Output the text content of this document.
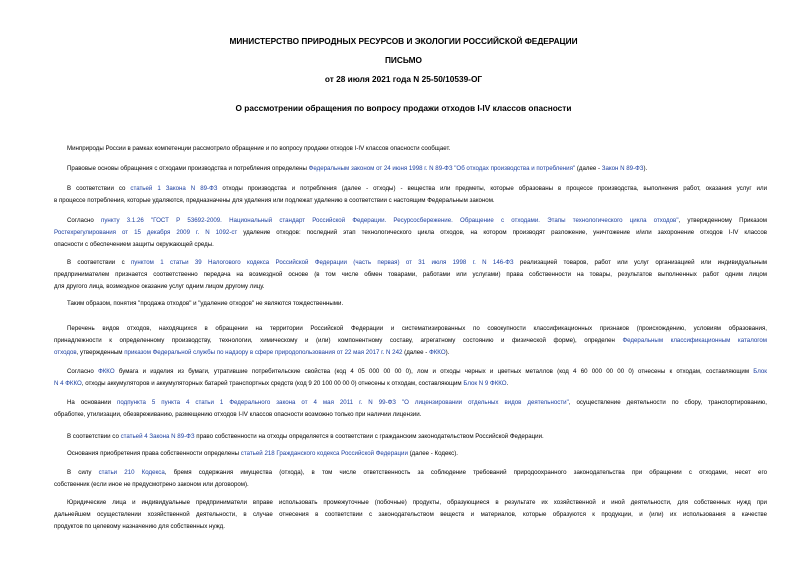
МИНИСТЕРСТВО ПРИРОДНЫХ РЕСУРСОВ И ЭКОЛОГИИ РОССИЙСКОЙ ФЕДЕРАЦИИ
ПИСЬМО
от 28 июля 2021 года N 25-50/10539-ОГ
О рассмотрении обращения по вопросу продажи отходов I-IV классов опасности
Минприроды России в рамках компетенции рассмотрело обращение и по вопросу продажи отходов I-IV классов опасности сообщает.
Правовые основы обращения с отходами производства и потребления определены Федеральным законом от 24 июня 1998 г. N 89-ФЗ "Об отходах производства и потребления" (далее - Закон N 89-ФЗ).
В соответствии со статьей 1 Закона N 89-ФЗ отходы производства и потребления (далее - отходы) - вещества или предметы, которые образованы в процессе производства, выполнения работ, оказания услуг или
в процессе потребления, которые удаляются, предназначены для удаления или подлежат удалению в соответствии с настоящим Федеральным законом.
Согласно пункту 3.1.26 "ГОСТ Р 53692-2009. Национальный стандарт Российской Федерации. Ресурсосбережение. Обращение с отходами. Этапы технологического цикла отходов", утвержденному Приказом
Ростехрегулирования от 15 декабря 2009 г. N 1092-ст удаление отходов: последний этап технологического цикла отходов, на котором производят разложение, уничтожение и/или захоронение отходов I-IV классов
опасности с обеспечением защиты окружающей среды.
В соответствии с пунктом 1 статьи 39 Налогового кодекса Российской Федерации (часть первая) от 31 июля 1998 г. N 146-ФЗ реализацией товаров, работ или услуг организацией или индивидуальным
предпринимателем признается соответственно передача на возмездной основе (в том числе обмен товарами, работами или услугами) права собственности на товары, результатов выполненных работ одним лицом
для другого лица, возмездное оказание услуг одним лицом другому лицу.
Таким образом, понятия "продажа отходов" и "удаление отходов" не являются тождественными.
Перечень видов отходов, находящихся в обращении на территории Российской Федерации и систематизированных по совокупности классификационных признаков (происхождению, условиям образования,
принадлежности к определенному производству, технологии, химическому и (или) компонентному составу, агрегатному состоянию и физической форме), определен Федеральным классификационным каталогом
отходов, утвержденным приказом Федеральной службы по надзору в сфере природопользования от 22 мая 2017 г. N 242 (далее - ФККО).
Согласно ФККО бумага и изделия из бумаги, утратившие потребительские свойства (код 4 05 000 00 00 0), лом и отходы черных и цветных металлов (код 4 60 000 00 00 0) отнесены к отходам, составляющим Блок
N 4 ФККО, отходы аккумуляторов и аккумуляторных батарей транспортных средств (код 9 20 100 00 00 0) отнесены к отходам, составляющим Блок N 9 ФККО.
На основании подпункта 5 пункта 4 статьи 1 Федерального закона от 4 мая 2011 г. N 99-ФЗ "О лицензировании отдельных видов деятельности", осуществление деятельности по сбору, транспортированию,
обработке, утилизации, обезвреживанию, размещению отходов I-IV классов опасности возможно только при наличии лицензии.
В соответствии со статьей 4 Закона N 89-ФЗ право собственности на отходы определяется в соответствии с гражданским законодательством Российской Федерации.
Основания приобретения права собственности определены статьей 218 Гражданского кодекса Российской Федерации (далее - Кодекс).
В силу статьи 210 Кодекса, бремя содержания имущества (отхода), в том числе ответственность за соблюдение требований природоохранного законодательства при обращении с отходами, несет его
собственник (если иное не предусмотрено законом или договором).
Юридические лица и индивидуальные предприниматели вправе использовать промежуточные (побочные) продукты, образующиеся в результате их хозяйственной и иной деятельности, для собственных нужд при
дальнейшем осуществлении хозяйственной деятельности, в случае отнесения в соответствии с законодательством веществ и материалов, которые образуются к продукции, и (или) их использования в качестве
продуктов по целевому назначению для собственных нужд.
